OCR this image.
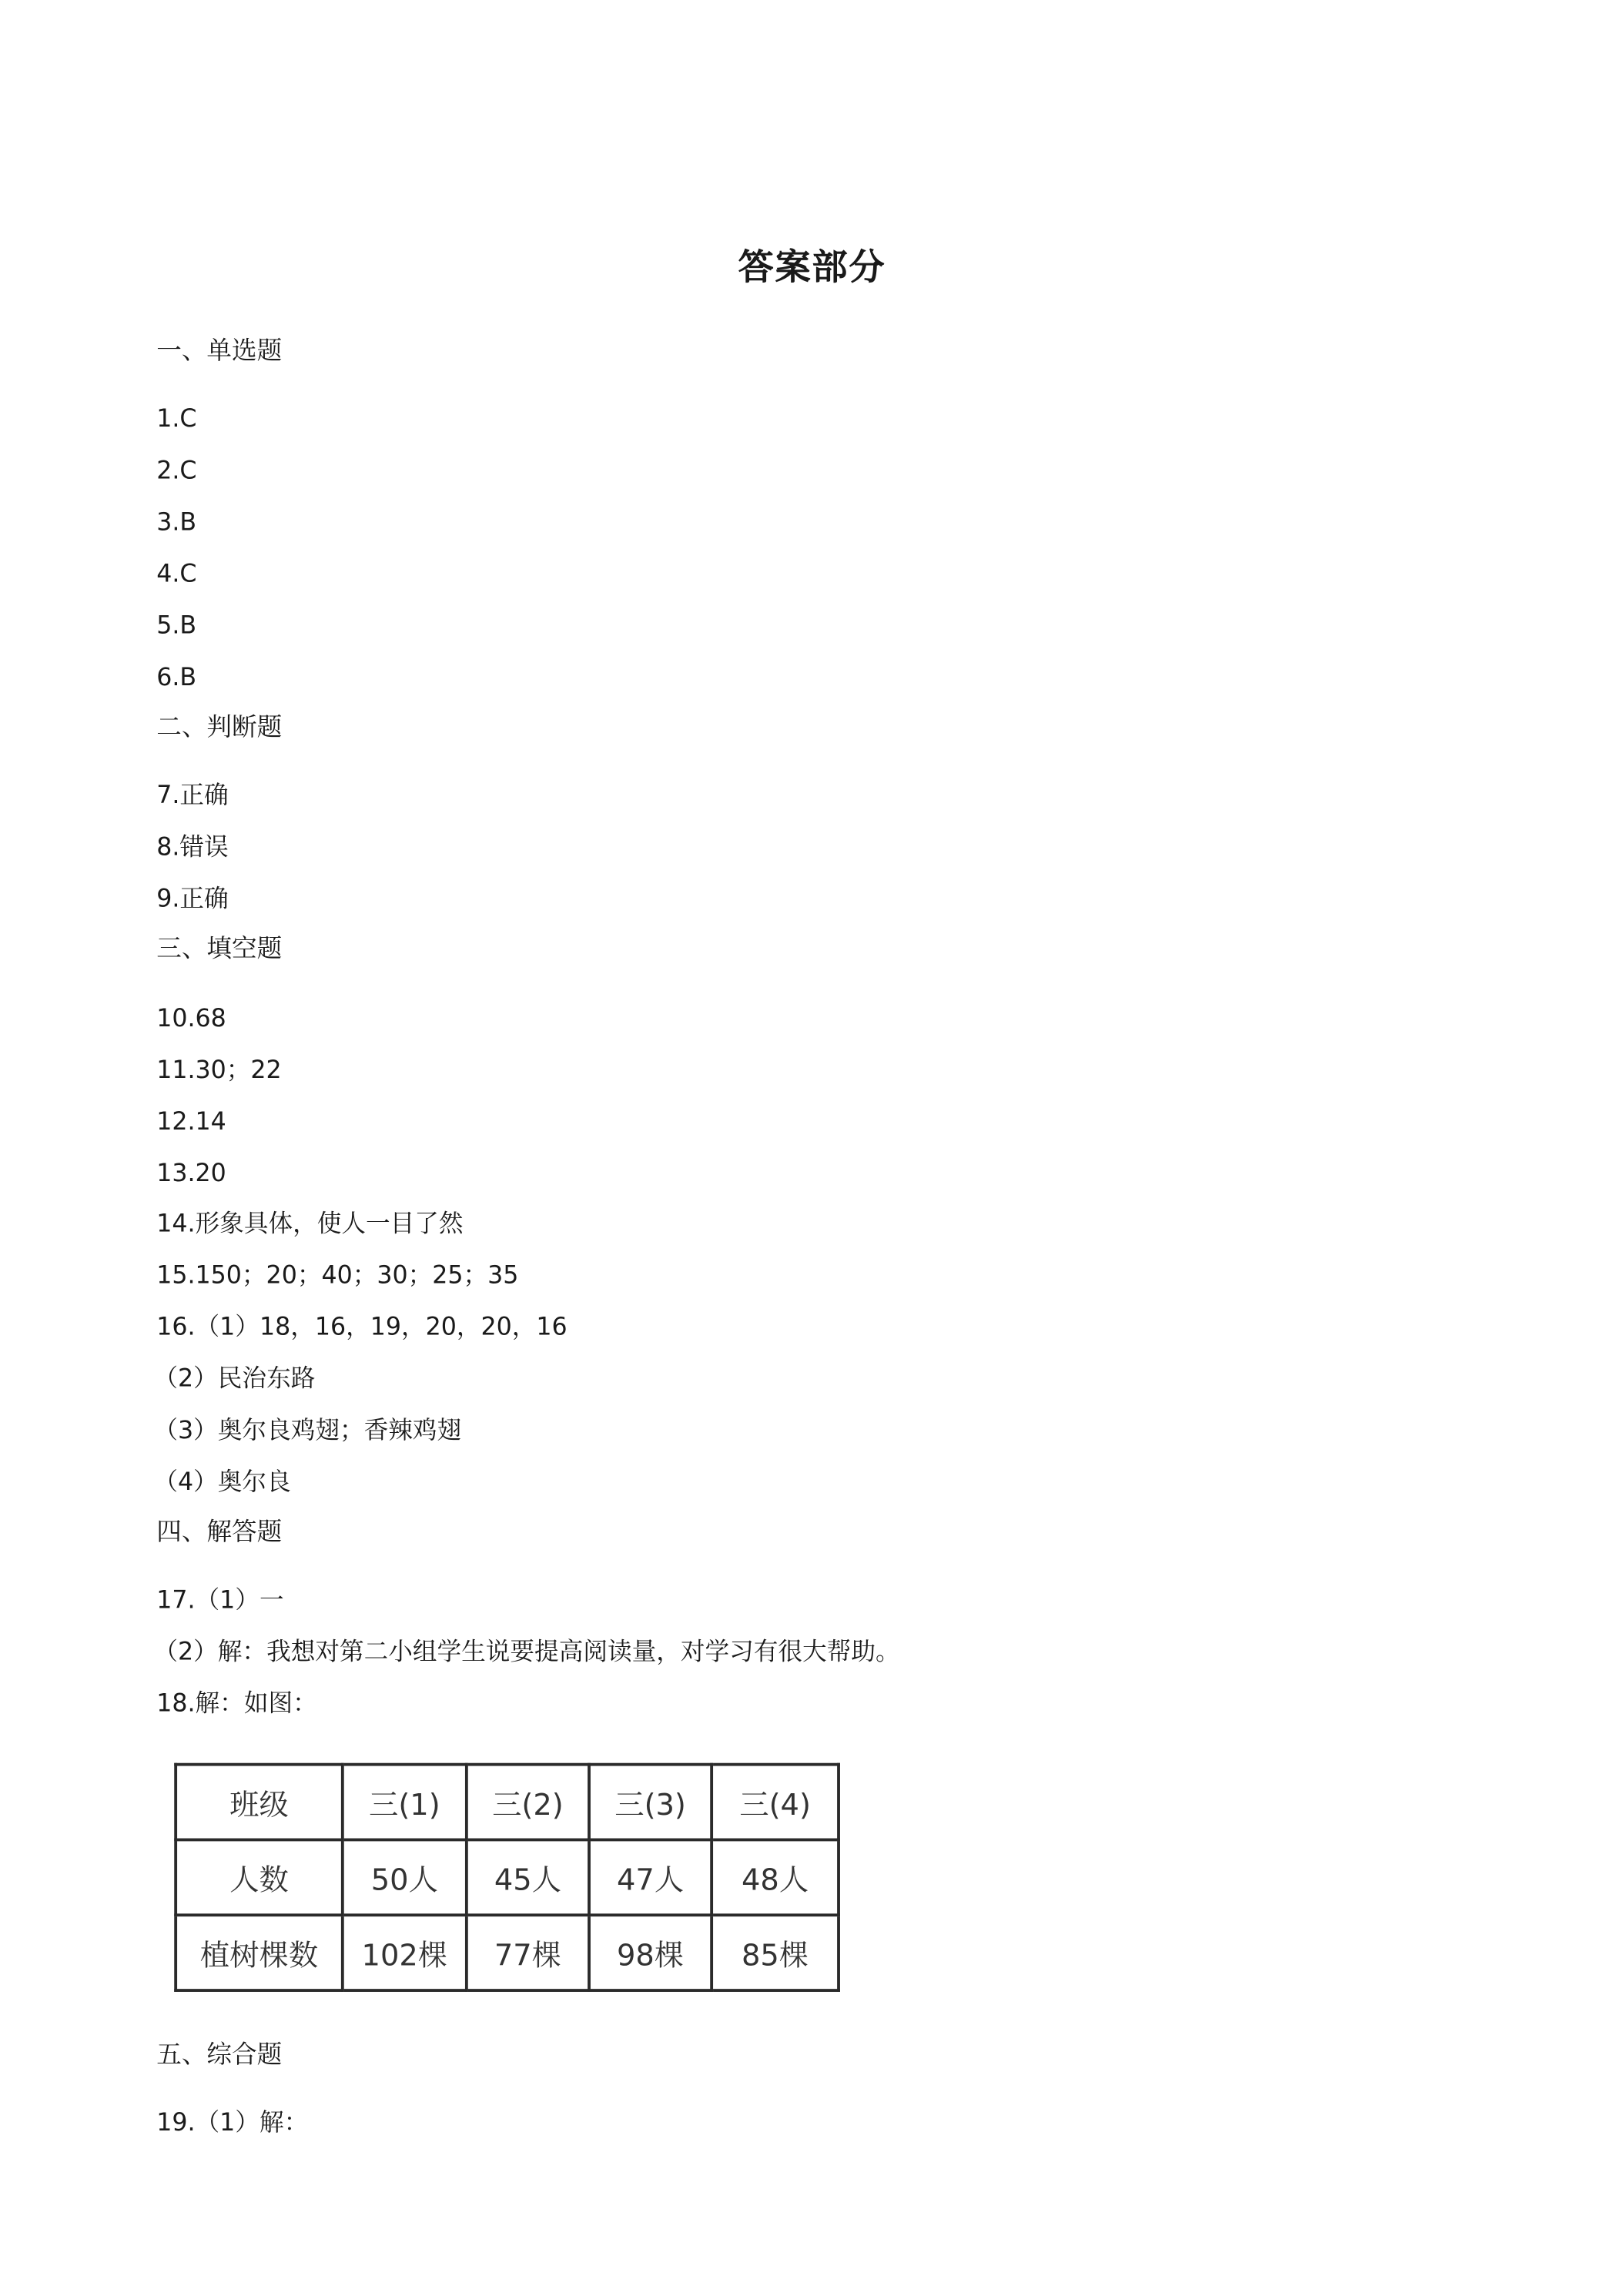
答案部分
一、单选题
1.C
2.C
3.B
4.C
5.B
6.B
二、判断题
7.正确
8.错误
9.正确
三、填空题
10.68
11.30；22
12.14
13.20
14.形象具体，使人一目了然
15.150；20；40；30；25；35
16.（1）18，16，19，20，20，16
（2）民治东路
（3）奥尔良鸡翅；香辣鸡翅
（4）奥尔良
四、解答题
17.（1）一
（2）解：我想对第二小组学生说要提高阅读量，对学习有很大帮助。
18.解：如图：
班级	三(1)	三(2)	三(3)	三(4)
人数	50人	45人	47人	48人
植树棵数	102棵	77棵	98棵	85棵
五、综合题
19.（1）解：
